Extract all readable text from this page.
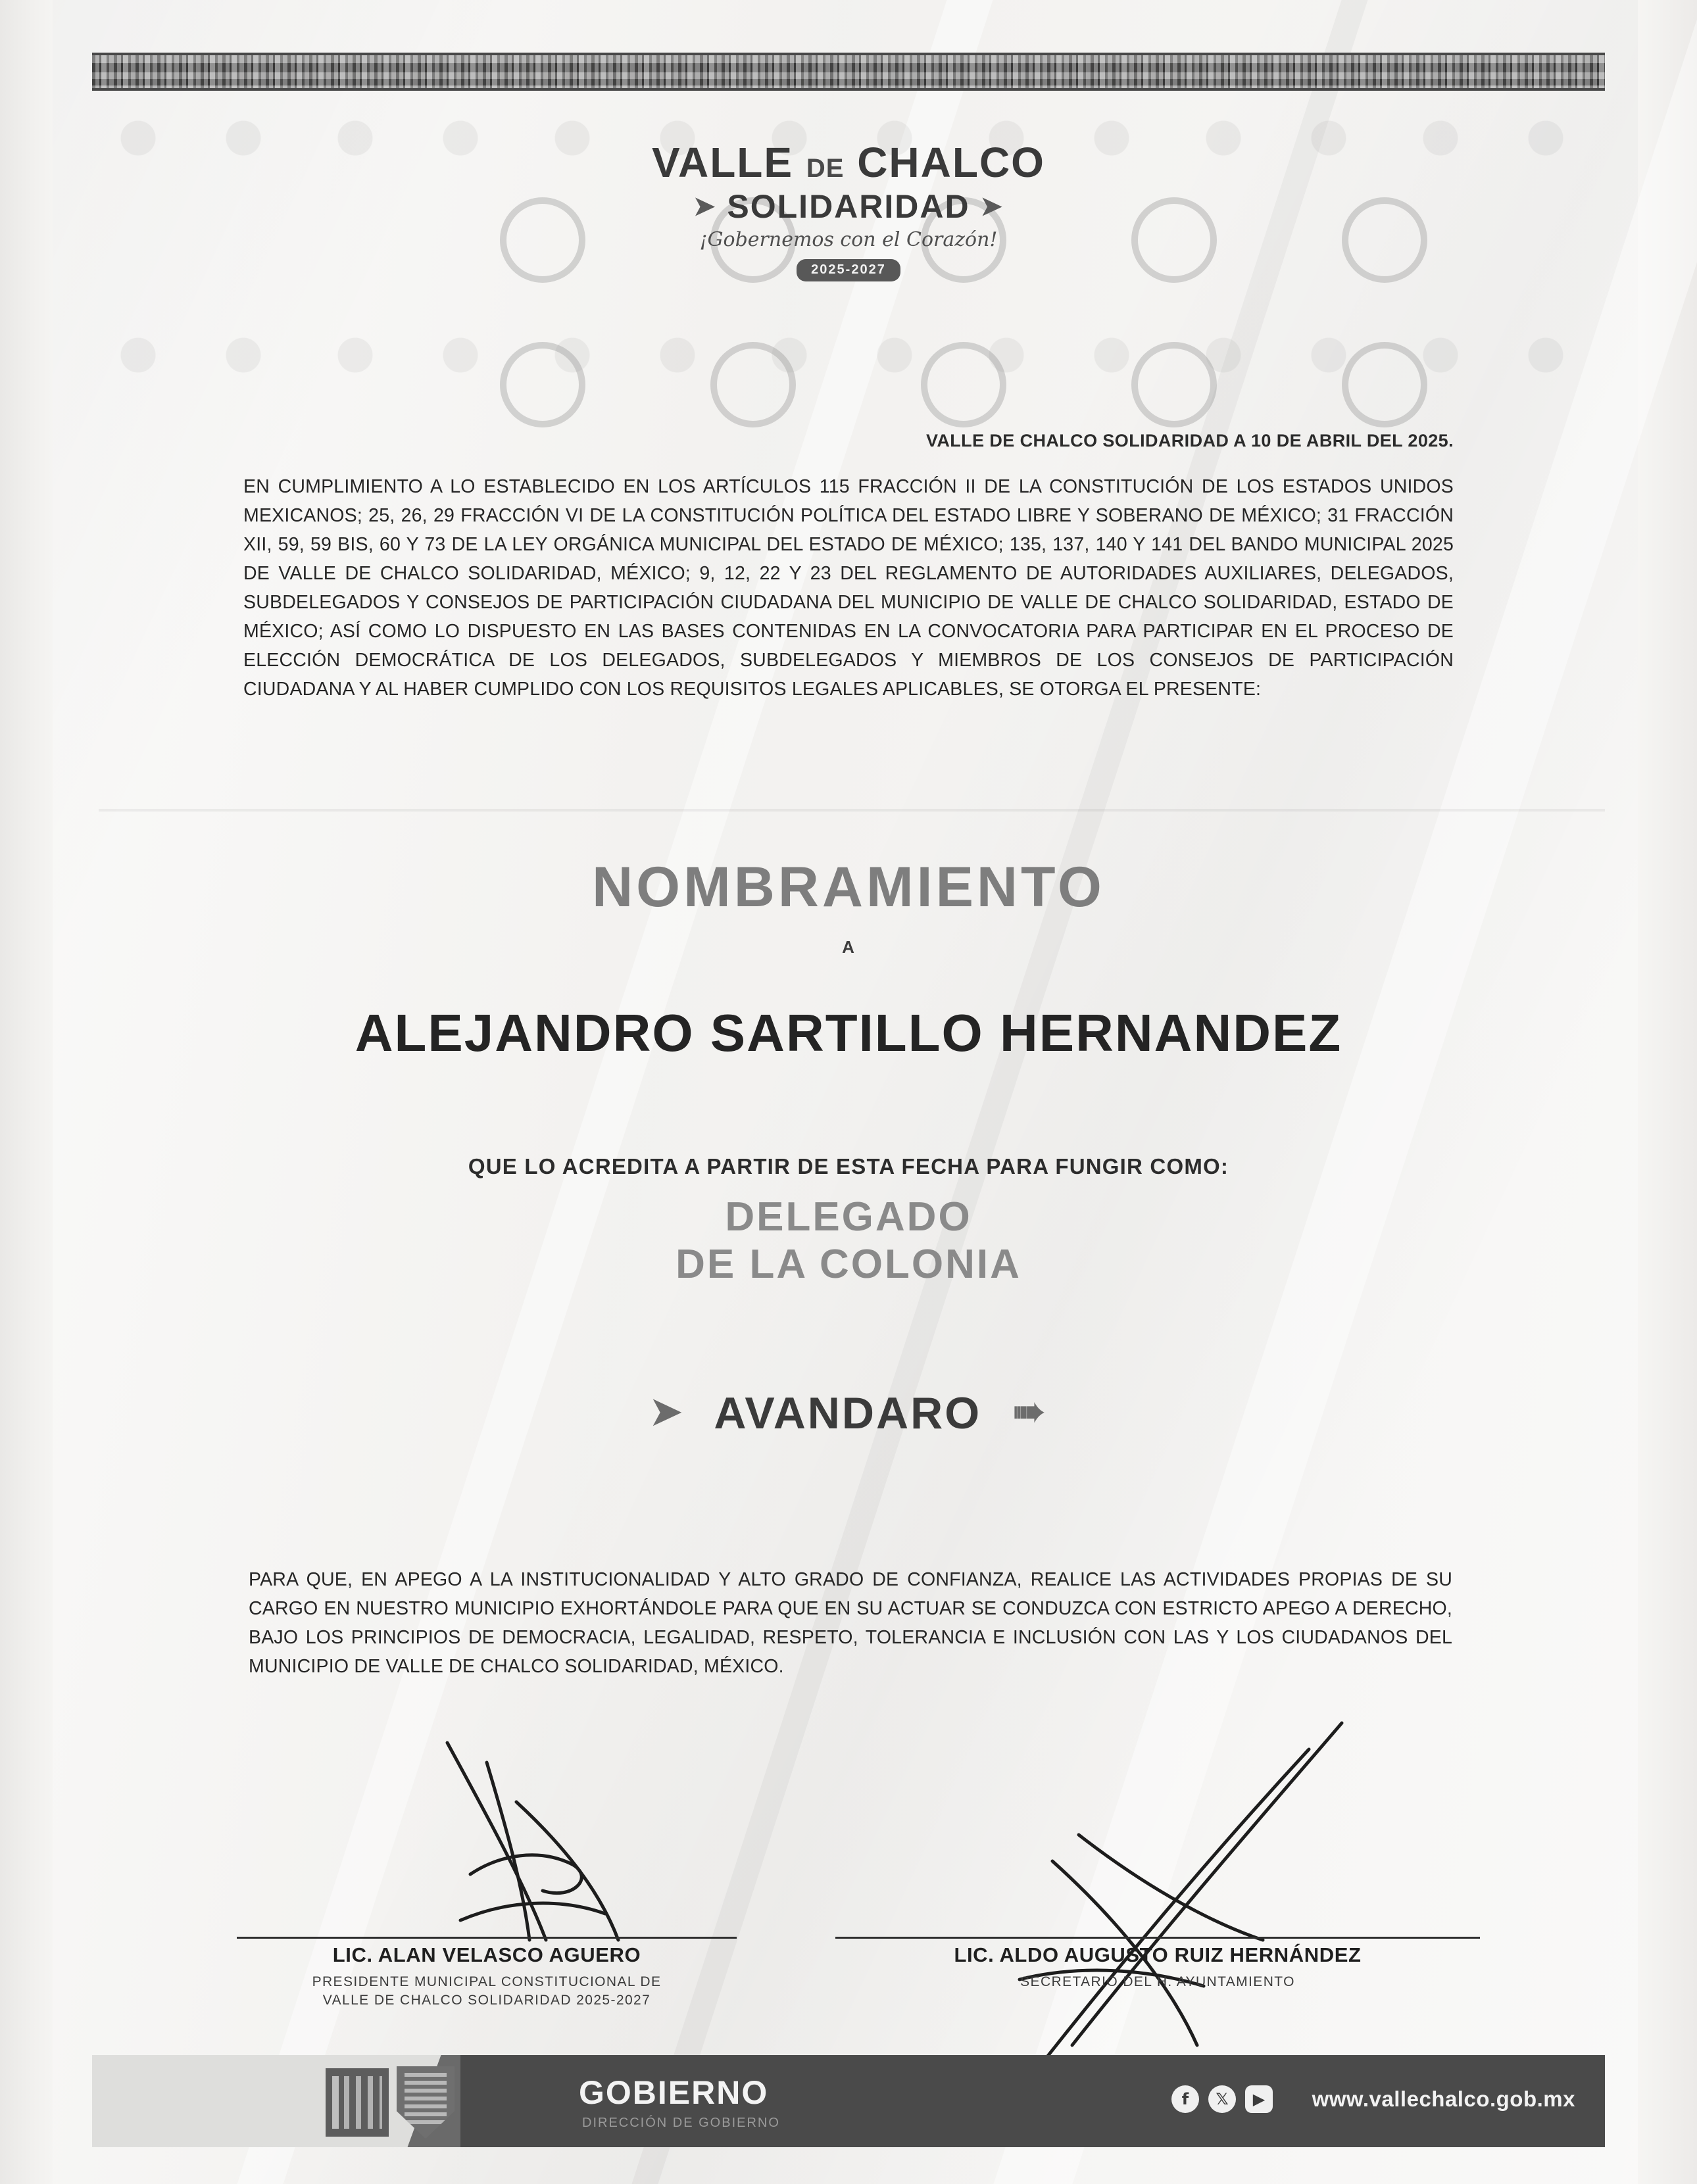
VALLE DE CHALCO
➤ SOLIDARIDAD ➤
¡Gobernemos con el Corazón!
2025-2027
VALLE DE CHALCO SOLIDARIDAD A 10 DE ABRIL DEL 2025.
EN CUMPLIMIENTO A LO ESTABLECIDO EN LOS ARTÍCULOS 115 FRACCIÓN II DE LA CONSTITUCIÓN DE LOS ESTADOS UNIDOS MEXICANOS; 25, 26, 29 FRACCIÓN VI DE LA CONSTITUCIÓN POLÍTICA DEL ESTADO LIBRE Y SOBERANO DE MÉXICO; 31 FRACCIÓN XII, 59, 59 BIS, 60 Y 73 DE LA LEY ORGÁNICA MUNICIPAL DEL ESTADO DE MÉXICO; 135, 137, 140 Y 141 DEL BANDO MUNICIPAL 2025 DE VALLE DE CHALCO SOLIDARIDAD, MÉXICO; 9, 12, 22 Y 23 DEL REGLAMENTO DE AUTORIDADES AUXILIARES, DELEGADOS, SUBDELEGADOS Y CONSEJOS DE PARTICIPACIÓN CIUDADANA DEL MUNICIPIO DE VALLE DE CHALCO SOLIDARIDAD, ESTADO DE MÉXICO; ASÍ COMO LO DISPUESTO EN LAS BASES CONTENIDAS EN LA CONVOCATORIA PARA PARTICIPAR EN EL PROCESO DE ELECCIÓN DEMOCRÁTICA DE LOS DELEGADOS, SUBDELEGADOS Y MIEMBROS DE LOS CONSEJOS DE PARTICIPACIÓN CIUDADANA Y AL HABER CUMPLIDO CON LOS REQUISITOS LEGALES APLICABLES, SE OTORGA EL PRESENTE:
NOMBRAMIENTO
A
ALEJANDRO SARTILLO HERNANDEZ
QUE LO ACREDITA A PARTIR DE ESTA FECHA PARA FUNGIR COMO:
DELEGADO
DE LA COLONIA
➤ AVANDARO ➠
PARA QUE, EN APEGO A LA INSTITUCIONALIDAD Y ALTO GRADO DE CONFIANZA, REALICE LAS ACTIVIDADES PROPIAS DE SU CARGO EN NUESTRO MUNICIPIO EXHORTÁNDOLE PARA QUE EN SU ACTUAR SE CONDUZCA CON ESTRICTO APEGO A DERECHO, BAJO LOS PRINCIPIOS DE DEMOCRACIA, LEGALIDAD, RESPETO, TOLERANCIA E INCLUSIÓN CON LAS Y LOS CIUDADANOS DEL MUNICIPIO DE VALLE DE CHALCO SOLIDARIDAD, MÉXICO.
LIC. ALAN VELASCO AGUERO
PRESIDENTE MUNICIPAL CONSTITUCIONAL DE
VALLE DE CHALCO SOLIDARIDAD 2025-2027
LIC. ALDO AUGUSTO RUIZ HERNÁNDEZ
SECRETARIO DEL H. AYUNTAMIENTO
GOBIERNO
DIRECCIÓN DE GOBIERNO
f	𝕏	▶	www.vallechalco.gob.mx
